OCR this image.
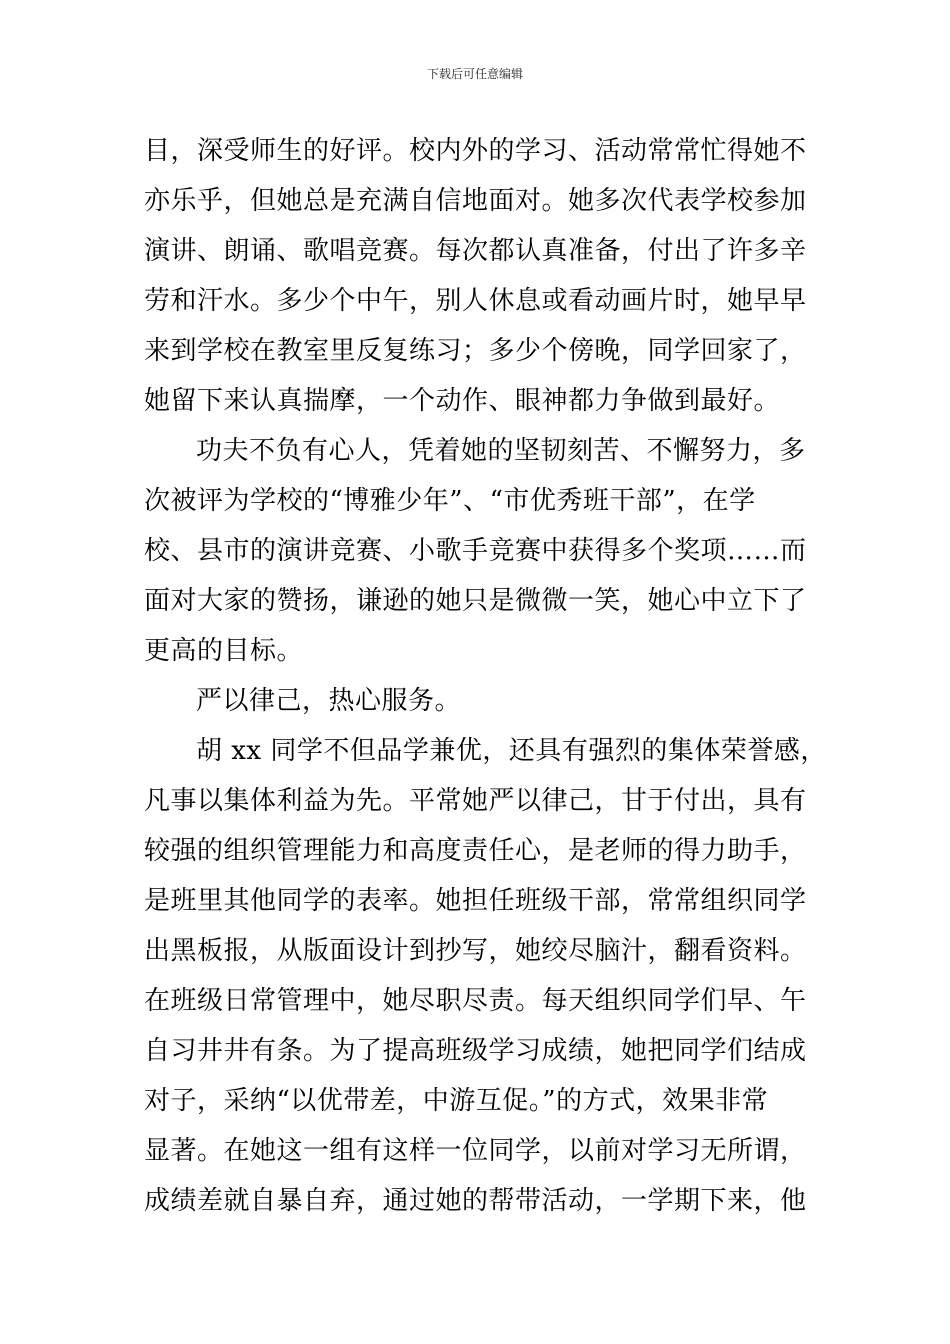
下载后可任意编辑
目，深受师生的好评。校内外的学习、活动常常忙得她不
亦乐乎，但她总是充满自信地面对。她多次代表学校参加
演讲、朗诵、歌唱竞赛。每次都认真准备，付出了许多辛
劳和汗水。多少个中午，别人休息或看动画片时，她早早
来到学校在教室里反复练习；多少个傍晚，同学回家了，
她留下来认真揣摩，一个动作、眼神都力争做到最好。
功夫不负有心人，凭着她的坚韧刻苦、不懈努力，多
次被评为学校的“博雅少年”、“市优秀班干部”，在学
校、县市的演讲竞赛、小歌手竞赛中获得多个奖项……而
面对大家的赞扬，谦逊的她只是微微一笑，她心中立下了
更高的目标。
严以律己，热心服务。
胡 xx 同学不但品学兼优，还具有强烈的集体荣誉感，
凡事以集体利益为先。平常她严以律己，甘于付出，具有
较强的组织管理能力和高度责任心，是老师的得力助手，
是班里其他同学的表率。她担任班级干部，常常组织同学
出黑板报，从版面设计到抄写，她绞尽脑汁，翻看资料。
在班级日常管理中，她尽职尽责。每天组织同学们早、午
自习井井有条。为了提高班级学习成绩，她把同学们结成
对子，采纳“以优带差，中游互促。”的方式，效果非常
显著。在她这一组有这样一位同学，以前对学习无所谓，
成绩差就自暴自弃，通过她的帮带活动，一学期下来，他
